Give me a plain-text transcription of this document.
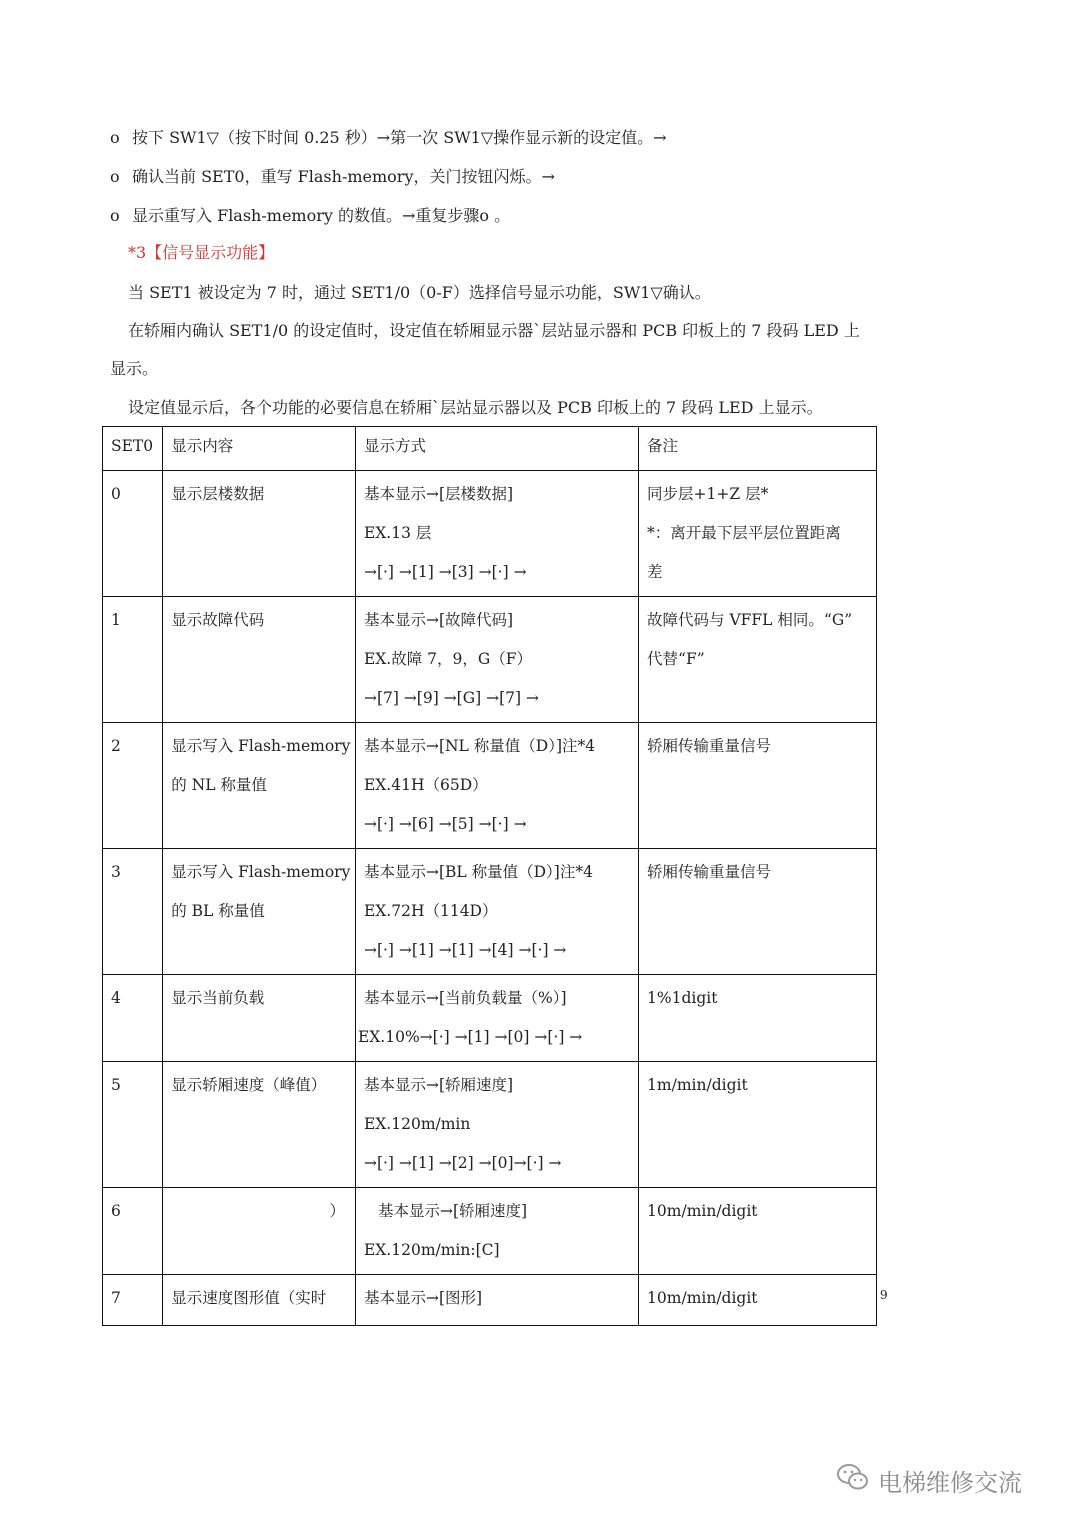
o 按下 SW1▽（按下时间 0.25 秒）→第一次 SW1▽操作显示新的设定值。→
o 确认当前 SET0，重写 Flash-memory，关门按钮闪烁。→
o 显示重写入 Flash-memory 的数值。→重复步骤o 。
*3【信号显示功能】
当 SET1 被设定为 7 时，通过 SET1/0（0-F）选择信号显示功能，SW1▽确认。
在轿厢内确认 SET1/0 的设定值时，设定值在轿厢显示器`层站显示器和 PCB 印板上的 7 段码 LED 上
显示。
设定值显示后，各个功能的必要信息在轿厢`层站显示器以及 PCB 印板上的 7 段码 LED 上显示。
SET0	显示内容	显示方式	备注

0	显示层楼数据	基本显示→[层楼数据]
EX.13 层
→[·] →[1] →[3] →[·] →	同步层+1+Z 层*
*：离开最下层平层位置距离
差

1	显示故障代码	基本显示→[故障代码]
EX.故障 7，9，G（F）
→[7] →[9] →[G] →[7] →	故障代码与 VFFL 相同。“G”
代替“F”

2	显示写入 Flash-memory
的 NL 称量值	基本显示→[NL 称量值（D）]注*4
EX.41H（65D）
→[·] →[6] →[5] →[·] →	轿厢传输重量信号

3	显示写入 Flash-memory
的 BL 称量值	基本显示→[BL 称量值（D）]注*4
EX.72H（114D）
→[·] →[1] →[1] →[4] →[·] →	轿厢传输重量信号

4	显示当前负载	基本显示→[当前负载量（%）]
EX.10%→[·] →[1] →[0] →[·] →	1%1digit

5	显示轿厢速度（峰值）	基本显示→[轿厢速度]
EX.120m/min
→[·] →[1] →[2] →[0]→[·] →	1m/min/digit

6	）	基本显示→[轿厢速度]
EX.120m/min:[C]	10m/min/digit

7	显示速度图形值（实时	基本显示→[图形]	10m/min/digit	9
电梯维修交流
